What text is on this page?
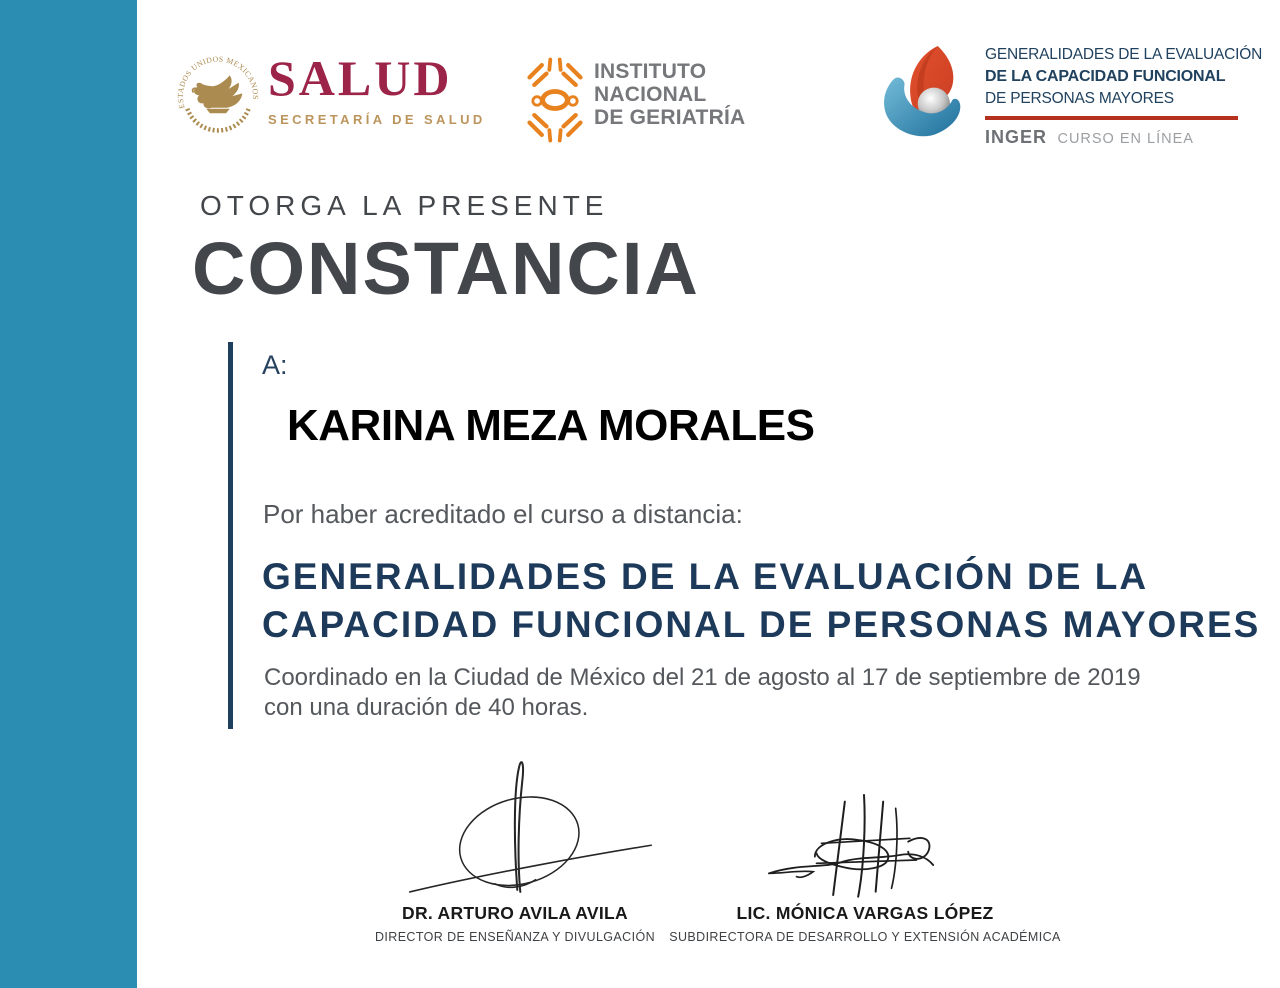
ESTADOS UNIDOS MEXICANOS SALUD
SECRETARÍA DE SALUD
INSTITUTO
NACIONAL
DE GERIATRÍA
GENERALIDADES DE LA EVALUACIÓN
DE LA CAPACIDAD FUNCIONAL
DE PERSONAS MAYORES
INGER CURSO EN LÍNEA
OTORGA LA PRESENTE
CONSTANCIA
A:
KARINA MEZA MORALES
Por haber acreditado el curso a distancia:
GENERALIDADES DE LA EVALUACIÓN DE LA
CAPACIDAD FUNCIONAL DE PERSONAS MAYORES
Coordinado en la Ciudad de México del 21 de agosto al 17 de septiembre de 2019
con una duración de 40 horas.
DR. ARTURO AVILA AVILA
DIRECTOR DE ENSEÑANZA Y DIVULGACIÓN
LIC. MÓNICA VARGAS LÓPEZ
SUBDIRECTORA DE DESARROLLO Y EXTENSIÓN ACADÉMICA
